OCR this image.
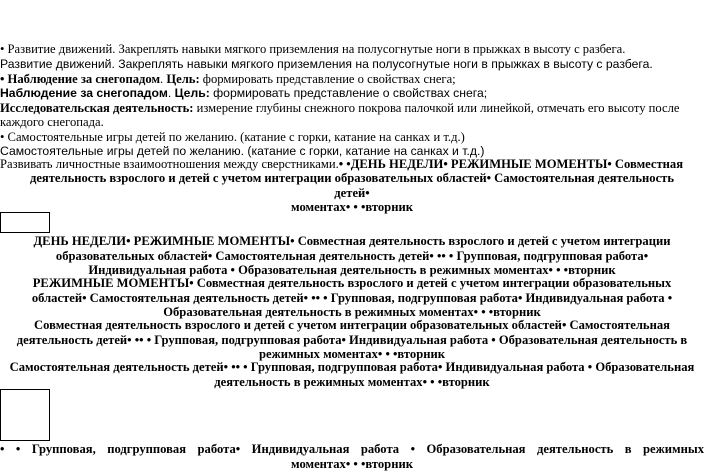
• Развитие движений. Закреплять навыки мягкого приземления на полусогнутые ноги в прыжках в высоту с разбега.
Развитие движений. Закреплять навыки мягкого приземления на полусогнутые ноги в прыжках в высоту с разбега.
• Наблюдение за снегопадом. Цель: формировать представление о свойствах снега;
Наблюдение за снегопадом. Цель: формировать представление о свойствах снега;
Исследовательская деятельность: измерение глубины снежного покрова палочкой или линейкой, отмечать его высоту после
каждого снегопада.
• Самостоятельные игры детей по желанию. (катание с горки, катание на санках и т.д.)
Самостоятельные игры детей по желанию. (катание с горки, катание на санках и т.д.)
Развивать личностные взаимоотношения между сверстниками.• •ДЕНЬ НЕДЕЛИ• РЕЖИМНЫЕ МОМЕНТЫ• Совместная
деятельность взрослого и детей с учетом интеграции образовательных областей• Самостоятельная деятельность
детей•
моментах• • •вторник
ДЕНЬ НЕДЕЛИ• РЕЖИМНЫЕ МОМЕНТЫ• Совместная деятельность взрослого и детей с учетом интеграции образовательных областей• Самостоятельная деятельность детей• •• • Групповая, подгрупповая работа• Индивидуальная работа • Образовательная деятельность в режимных моментах• • •вторник
РЕЖИМНЫЕ МОМЕНТЫ• Совместная деятельность взрослого и детей с учетом интеграции образовательных областей• Самостоятельная деятельность детей• •• • Групповая, подгрупповая работа• Индивидуальная работа • Образовательная деятельность в режимных моментах• • •вторник
Совместная деятельность взрослого и детей с учетом интеграции образовательных областей• Самостоятельная деятельность детей• •• • Групповая, подгрупповая работа• Индивидуальная работа • Образовательная деятельность в режимных моментах• • •вторник
Самостоятельная деятельность детей• •• • Групповая, подгрупповая работа• Индивидуальная работа • Образовательная деятельность в режимных моментах• • •вторник
• • Групповая, подгрупповая работа• Индивидуальная работа • Образовательная деятельность в режимных
моментах• • •вторник
